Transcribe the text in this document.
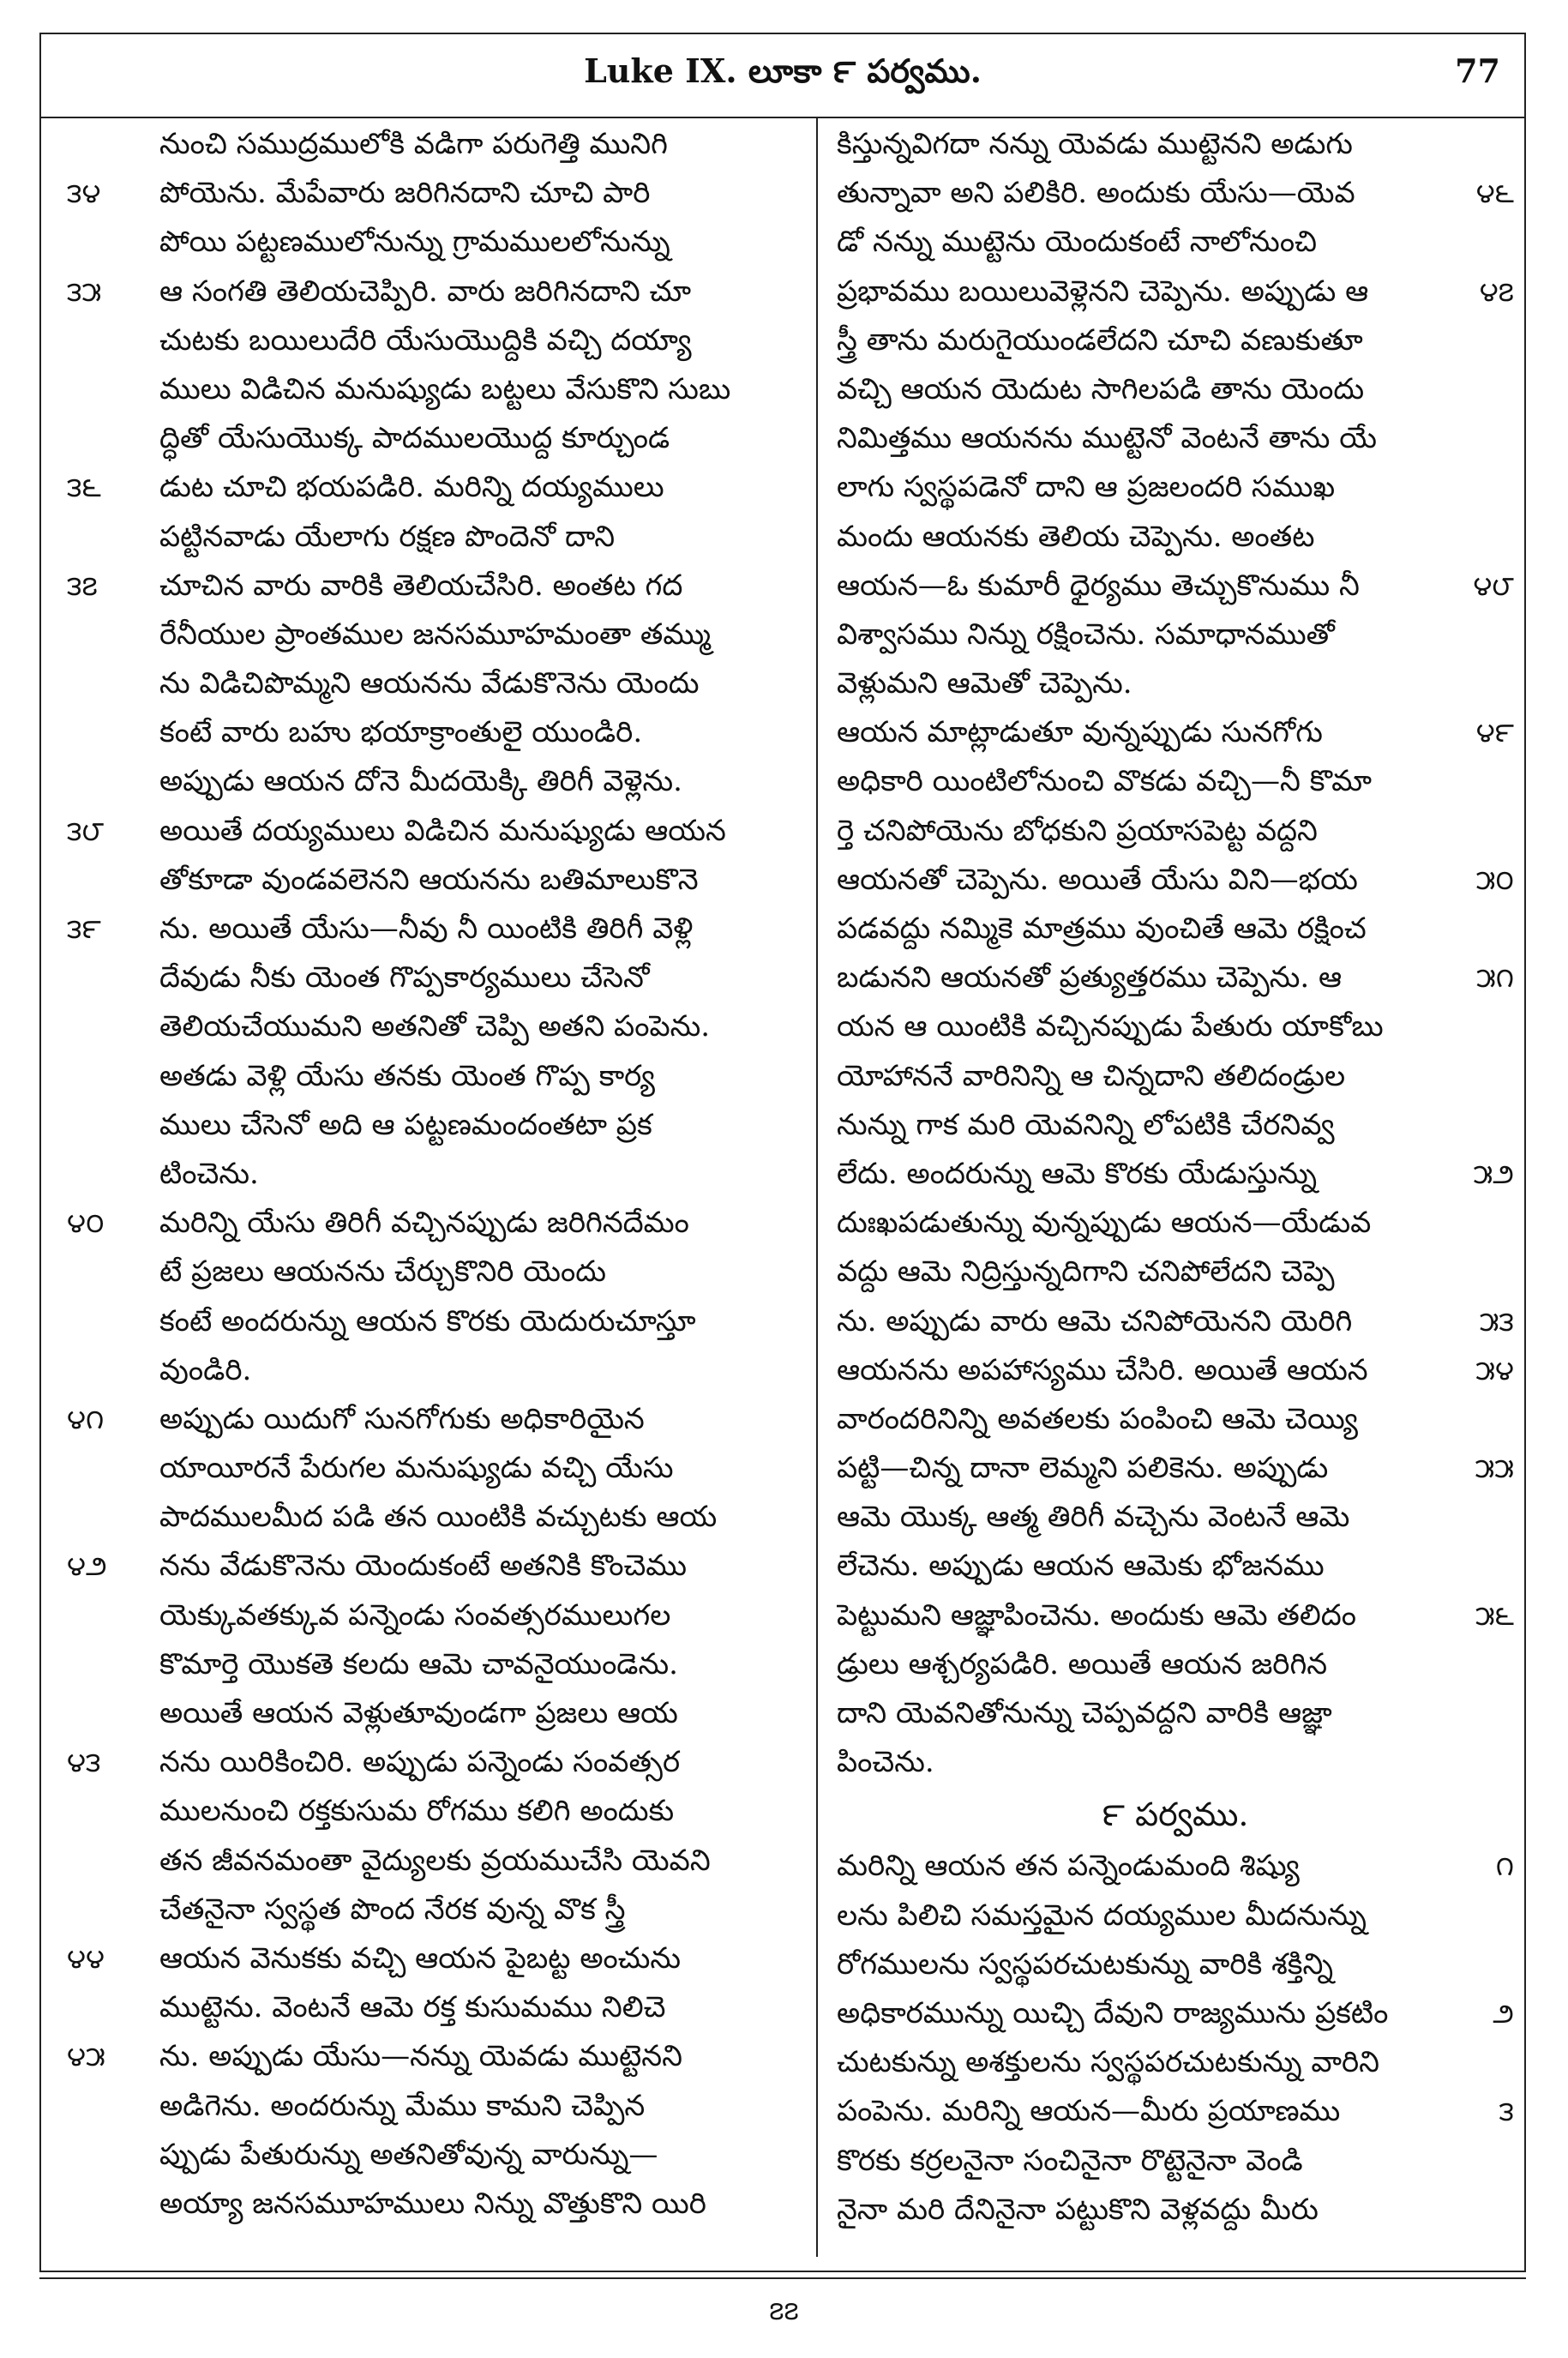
Luke IX. లూకా ౯ పర్వము.	77
నుంచి సముద్రములోకి వడిగా పరుగెత్తి మునిగి
౩౪	పోయెను. మేపేవారు జరిగినదాని చూచి పారి
పోయి పట్టణములోనున్ను గ్రామములలోనున్ను
౩౫	ఆ సంగతి తెలియచెప్పిరి. వారు జరిగినదాని చూ
చుటకు బయిలుదేరి యేసుయొద్దికి వచ్చి దయ్యా
ములు విడిచిన మనుష్యుడు బట్టలు వేసుకొని సుబు
ద్ధితో యేసుయొక్క పాదములయొద్ద కూర్చుండ
౩౬	డుట చూచి భయపడిరి. మరిన్ని దయ్యములు
పట్టినవాడు యేలాగు రక్షణ పొందెనో దాని
౩౭	చూచిన వారు వారికి తెలియచేసిరి. అంతట గద
రేనీయుల ప్రాంతముల జనసమూహమంతా తమ్ము
ను విడిచిపొమ్మని ఆయనను వేడుకొనెను యెందు
కంటే వారు బహు భయాక్రాంతులై యుండిరి.
అప్పుడు ఆయన దోనె మీదయెక్కి తిరిగీ వెళ్లెను.
౩౮	అయితే దయ్యములు విడిచిన మనుష్యుడు ఆయన
తోకూడా వుండవలెనని ఆయనను బతిమాలుకొనె
౩౯	ను. అయితే యేసు—నీవు నీ యింటికి తిరిగీ వెళ్లి
దేవుడు నీకు యెంత గొప్పకార్యములు చేసెనో
తెలియచేయుమని అతనితో చెప్పి అతని పంపెను.
అతడు వెళ్లి యేసు తనకు యెంత గొప్ప కార్య
ములు చేసెనో అది ఆ పట్టణమందంతటా ప్రక
టించెను.
౪౦	మరిన్ని యేసు తిరిగీ వచ్చినప్పుడు జరిగినదేమం
టే ప్రజలు ఆయనను చేర్చుకొనిరి యెందు
కంటే అందరున్ను ఆయన కొరకు యెదురుచూస్తూ
వుండిరి.
౪౧	అప్పుడు యిదుగో సునగోగుకు అధికారియైన
యాయీరనే పేరుగల మనుష్యుడు వచ్చి యేసు
పాదములమీద పడి తన యింటికి వచ్చుటకు ఆయ
౪౨	నను వేడుకొనెను యెందుకంటే అతనికి కొంచెము
యెక్కువతక్కువ పన్నెండు సంవత్సరములుగల
కొమార్తె యొకతె కలదు ఆమె చావనైయుండెను.
అయితే ఆయన వెళ్లుతూవుండగా ప్రజలు ఆయ
౪౩	నను యిరికించిరి. అప్పుడు పన్నెండు సంవత్సర
ములనుంచి రక్తకుసుమ రోగము కలిగి అందుకు
తన జీవనమంతా వైద్యులకు వ్రయముచేసి యెవని
చేతనైనా స్వస్థత పొంద నేరక వున్న వొక స్త్రీ
౪౪	ఆయన వెనుకకు వచ్చి ఆయన పైబట్ట అంచును
ముట్టెను. వెంటనే ఆమె రక్త కుసుమము నిలిచె
౪౫	ను. అప్పుడు యేసు—నన్ను యెవడు ముట్టెనని
అడిగెను. అందరున్ను మేము కామని చెప్పిన
ప్పుడు పేతురున్ను అతనితోవున్న వారున్ను—
అయ్యా జనసమూహములు నిన్ను వొత్తుకొని యిరి
కిస్తున్నవిగదా నన్ను యెవడు ముట్టెనని అడుగు
౪౬
తున్నావా అని పలికిరి. అందుకు యేసు—యెవ
డో నన్ను ముట్టెను యెందుకంటే నాలోనుంచి
౪౭
ప్రభావము బయిలువెళ్లెనని చెప్పెను. అప్పుడు ఆ
స్త్రీ తాను మరుగైయుండలేదని చూచి వణుకుతూ
వచ్చి ఆయన యెదుట సాగిలపడి తాను యెందు
నిమిత్తము ఆయనను ముట్టెనో వెంటనే తాను యే
లాగు స్వస్థపడెనో దాని ఆ ప్రజలందరి సముఖ
మందు ఆయనకు తెలియ చెప్పెను. అంతట
౪౮
ఆయన—ఓ కుమారీ ధైర్యము తెచ్చుకొనుము నీ
విశ్వాసము నిన్ను రక్షించెను. సమాధానముతో
వెళ్లుమని ఆమెతో చెప్పెను.
౪౯
ఆయన మాట్లాడుతూ వున్నప్పుడు సునగోగు
అధికారి యింటిలోనుంచి వొకడు వచ్చి—నీ కొమా
ర్తె చనిపోయెను బోధకుని ప్రయాసపెట్ట వద్దని
౫౦
ఆయనతో చెప్పెను. అయితే యేసు విని—భయ
పడవద్దు నమ్మికె మాత్రము వుంచితే ఆమె రక్షించ
౫౧
బడునని ఆయనతో ప్రత్యుత్తరము చెప్పెను. ఆ
యన ఆ యింటికి వచ్చినప్పుడు పేతురు యాకోబు
యోహాననే వారినిన్ని ఆ చిన్నదాని తలిదండ్రుల
నున్ను గాక మరి యెవనిన్ని లోపటికి చేరనివ్వ
౫౨
లేదు. అందరున్ను ఆమె కొరకు యేడుస్తున్ను
దుఃఖపడుతున్ను వున్నప్పుడు ఆయన—యేడువ
వద్దు ఆమె నిద్రిస్తున్నదిగాని చనిపోలేదని చెప్పె
౫౩
ను. అప్పుడు వారు ఆమె చనిపోయెనని యెరిగి
౫౪
ఆయనను అపహాస్యము చేసిరి. అయితే ఆయన
వారందరినిన్ని అవతలకు పంపించి ఆమె చెయ్యి
౫౫
పట్టి—చిన్న దానా లెమ్మని పలికెను. అప్పుడు
ఆమె యొక్క ఆత్మ తిరిగీ వచ్చెను వెంటనే ఆమె
లేచెను. అప్పుడు ఆయన ఆమెకు భోజనము
౫౬
పెట్టుమని ఆజ్ఞాపించెను. అందుకు ఆమె తలిదం
డ్రులు ఆశ్చర్యపడిరి. అయితే ఆయన జరిగిన
దాని యెవనితోనున్ను చెప్పవద్దని వారికి ఆజ్ఞా
పించెను.
౯ పర్వము.
౧
మరిన్ని ఆయన తన పన్నెండుమంది శిష్యు
లను పిలిచి సమస్తమైన దయ్యముల మీదనున్ను
రోగములను స్వస్థపరచుటకున్ను వారికి శక్తిన్ని
౨
అధికారమున్ను యిచ్చి దేవుని రాజ్యమును ప్రకటిం
చుటకున్ను అశక్తులను స్వస్థపరచుటకున్ను వారిని
౩
పంపెను. మరిన్ని ఆయన—మీరు ప్రయాణము
కొరకు కర్రలనైనా సంచినైనా రొట్టెనైనా వెండి
నైనా మరి దేనినైనా పట్టుకొని వెళ్లవద్దు మీరు
౭౭
